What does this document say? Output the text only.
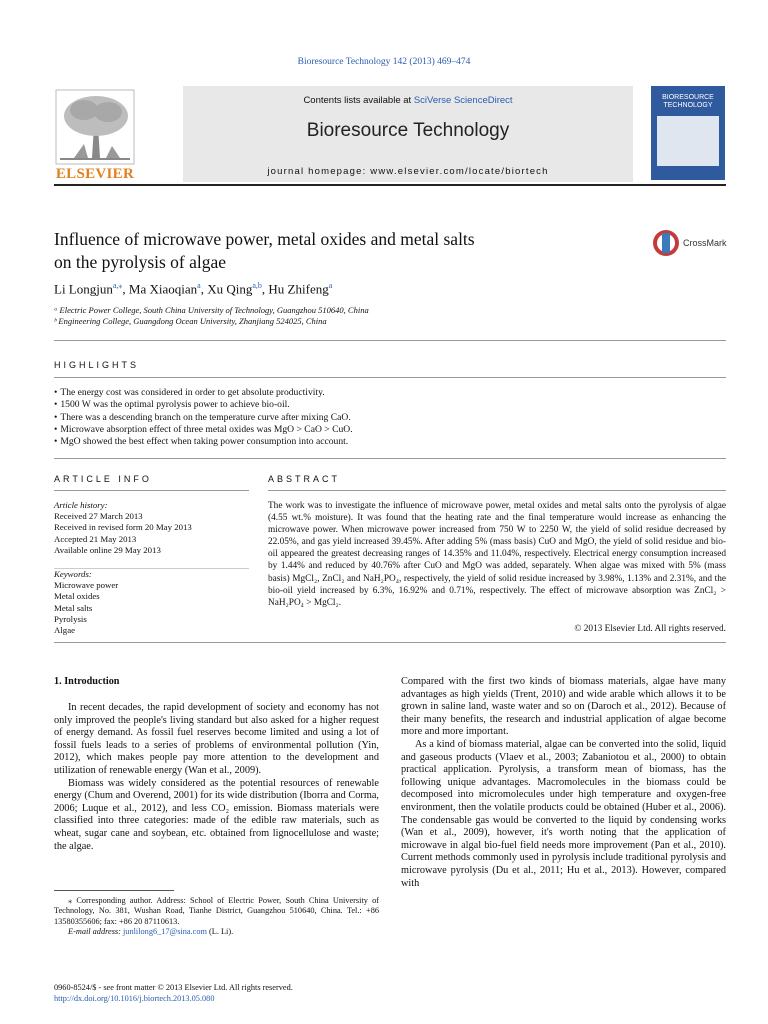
Bioresource Technology 142 (2013) 469–474
ELSEVIER
Contents lists available at SciVerse ScienceDirect
Bioresource Technology
journal homepage: www.elsevier.com/locate/biortech
BIORESOURCE TECHNOLOGY
Influence of microwave power, metal oxides and metal salts
on the pyrolysis of algae
CrossMark
Li Longjun$^{a,⁎}$, Ma Xiaoqian$^a$, Xu Qing$^{a,b}$, Hu Zhifeng$^a$
ᵃ Electric Power College, South China University of Technology, Guangzhou 510640, China
ᵇ Engineering College, Guangdong Ocean University, Zhanjiang 524025, China
HIGHLIGHTS
• The energy cost was considered in order to get absolute productivity.
• 1500 W was the optimal pyrolysis power to achieve bio-oil.
• There was a descending branch on the temperature curve after mixing CaO.
• Microwave absorption effect of three metal oxides was MgO > CaO > CuO.
• MgO showed the best effect when taking power consumption into account.
ARTICLE INFO	ABSTRACT
Article history:
Received 27 March 2013
Received in revised form 20 May 2013
Accepted 21 May 2013
Available online 29 May 2013
Keywords:
Microwave power
Metal oxides
Metal salts
Pyrolysis
Algae
The work was to investigate the influence of microwave power, metal oxides and metal salts onto the pyrolysis of algae (4.55 wt.% moisture). It was found that the heating rate and the final temperature would increase as enhancing the microwave power. When microwave power increased from 750 W to 2250 W, the yield of solid residue decreased by 22.05%, and gas yield increased 39.45%. After adding 5% (mass basis) CuO and MgO, the yield of solid residue and bio-oil appeared the greatest decreasing ranges of 14.35% and 11.04%, respectively. Electrical energy consumption increased by 1.44% and reduced by 40.76% after CuO and MgO was added, separately. When algae was mixed with 5% (mass basis) MgCl₂, ZnCl₂ and NaH₂PO₄, respectively, the yield of solid residue increased by 3.98%, 1.13% and 2.31%, and the bio-oil yield increased by 6.3%, 16.92% and 0.71%, respectively. The effect of microwave absorption was ZnCl₂ > NaH₂PO₄ > MgCl₂.
© 2013 Elsevier Ltd. All rights reserved.
1. Introduction

In recent decades, the rapid development of society and economy has not only improved the people's living standard but also asked for a higher request of energy demand. As fossil fuel reserves become limited and using a lot of fossil fuels leads to a series of problems of environmental pollution (Yin, 2012), which makes people pay more attention to the development and utilization of renewable energy (Wan et al., 2009).

Biomass was widely considered as the potential resources of renewable energy (Chum and Overend, 2001) for its wide distribution (Iborra and Corma, 2006; Luque et al., 2012), and less CO₂ emission. Biomass materials were classified into three categories: made of the edible raw materials, such as wheat, sugar cane and soybean, etc. obtained from lignocellulose and waste; the algae.

Compared with the first two kinds of biomass materials, algae have many advantages as high yields (Trent, 2010) and wide arable which allows it to be grown in saline land, waste water and so on (Daroch et al., 2012). Because of their many benefits, the research and industrial application of algae become more and more important.

As a kind of biomass material, algae can be converted into the solid, liquid and gaseous products (Vlaev et al., 2003; Zabaniotou et al., 2000) to obtain practical application. Pyrolysis, a transform mean of biomass, has the following unique advantages. Macromolecules in the biomass could be decomposed into micromolecules under high temperature and oxygen-free environment, then the volatile products could be obtained (Huber et al., 2006). The condensable gas would be converted to the liquid by condensing works (Wan et al., 2009), however, it's worth noting that the application of microwave in algal bio-fuel field needs more improvement (Pan et al., 2010). Current methods commonly used in pyrolysis include traditional pyrolysis and microwave pyrolysis (Du et al., 2011; Hu et al., 2013). However, compared with

⁎ Corresponding author. Address: School of Electric Power, South China University of Technology, No. 381, Wushan Road, Tianhe District, Guangzhou 510640, China. Tel.: +86 13580355606; fax: +86 20 87110613.
E-mail address: junlilong6_17@sina.com (L. Li).
0960-8524/$ - see front matter © 2013 Elsevier Ltd. All rights reserved.
http://dx.doi.org/10.1016/j.biortech.2013.05.080
